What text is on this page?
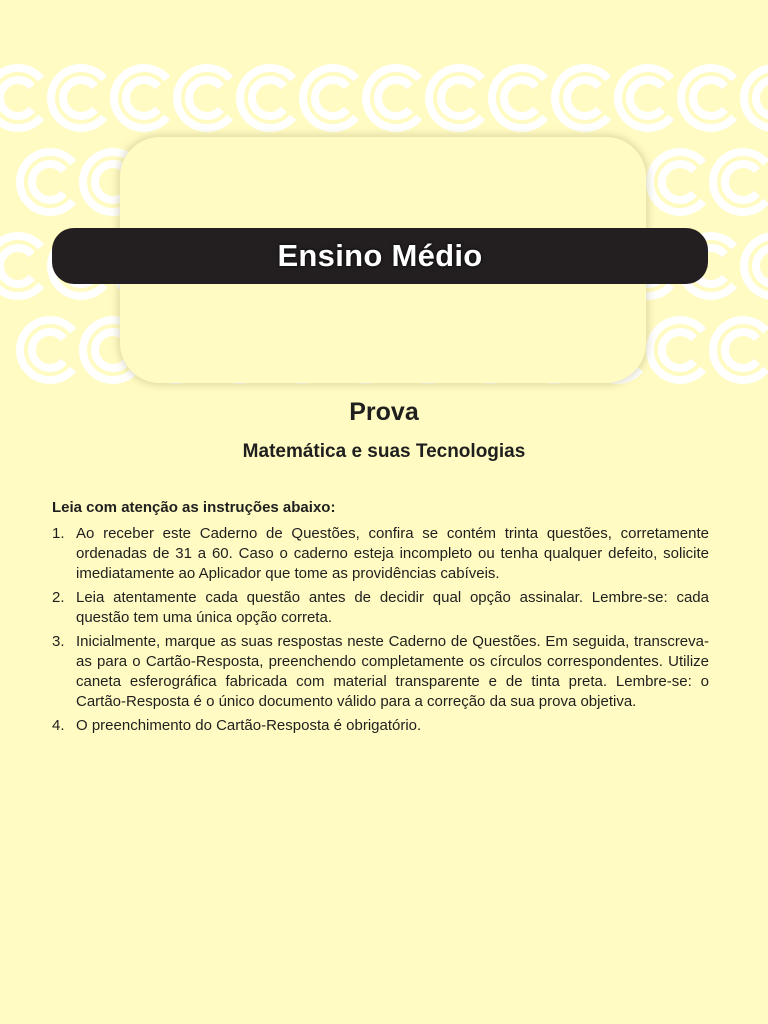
Ensino Médio
Prova
Matemática e suas Tecnologias
Leia com atenção as instruções abaixo:
1. Ao receber este Caderno de Questões, confira se contém trinta questões, corretamente ordenadas de 31 a 60. Caso o caderno esteja incompleto ou tenha qualquer defeito, solicite imediatamente ao Aplicador que tome as providências cabíveis.
2. Leia atentamente cada questão antes de decidir qual opção assinalar. Lembre-se: cada questão tem uma única opção correta.
3. Inicialmente, marque as suas respostas neste Caderno de Questões. Em seguida, transcreva-as para o Cartão-Resposta, preenchendo completamente os círculos correspondentes. Utilize caneta esferográfica fabricada com material transparente e de tinta preta. Lembre-se: o Cartão-Resposta é o único documento válido para a correção da sua prova objetiva.
4. O preenchimento do Cartão-Resposta é obrigatório.
